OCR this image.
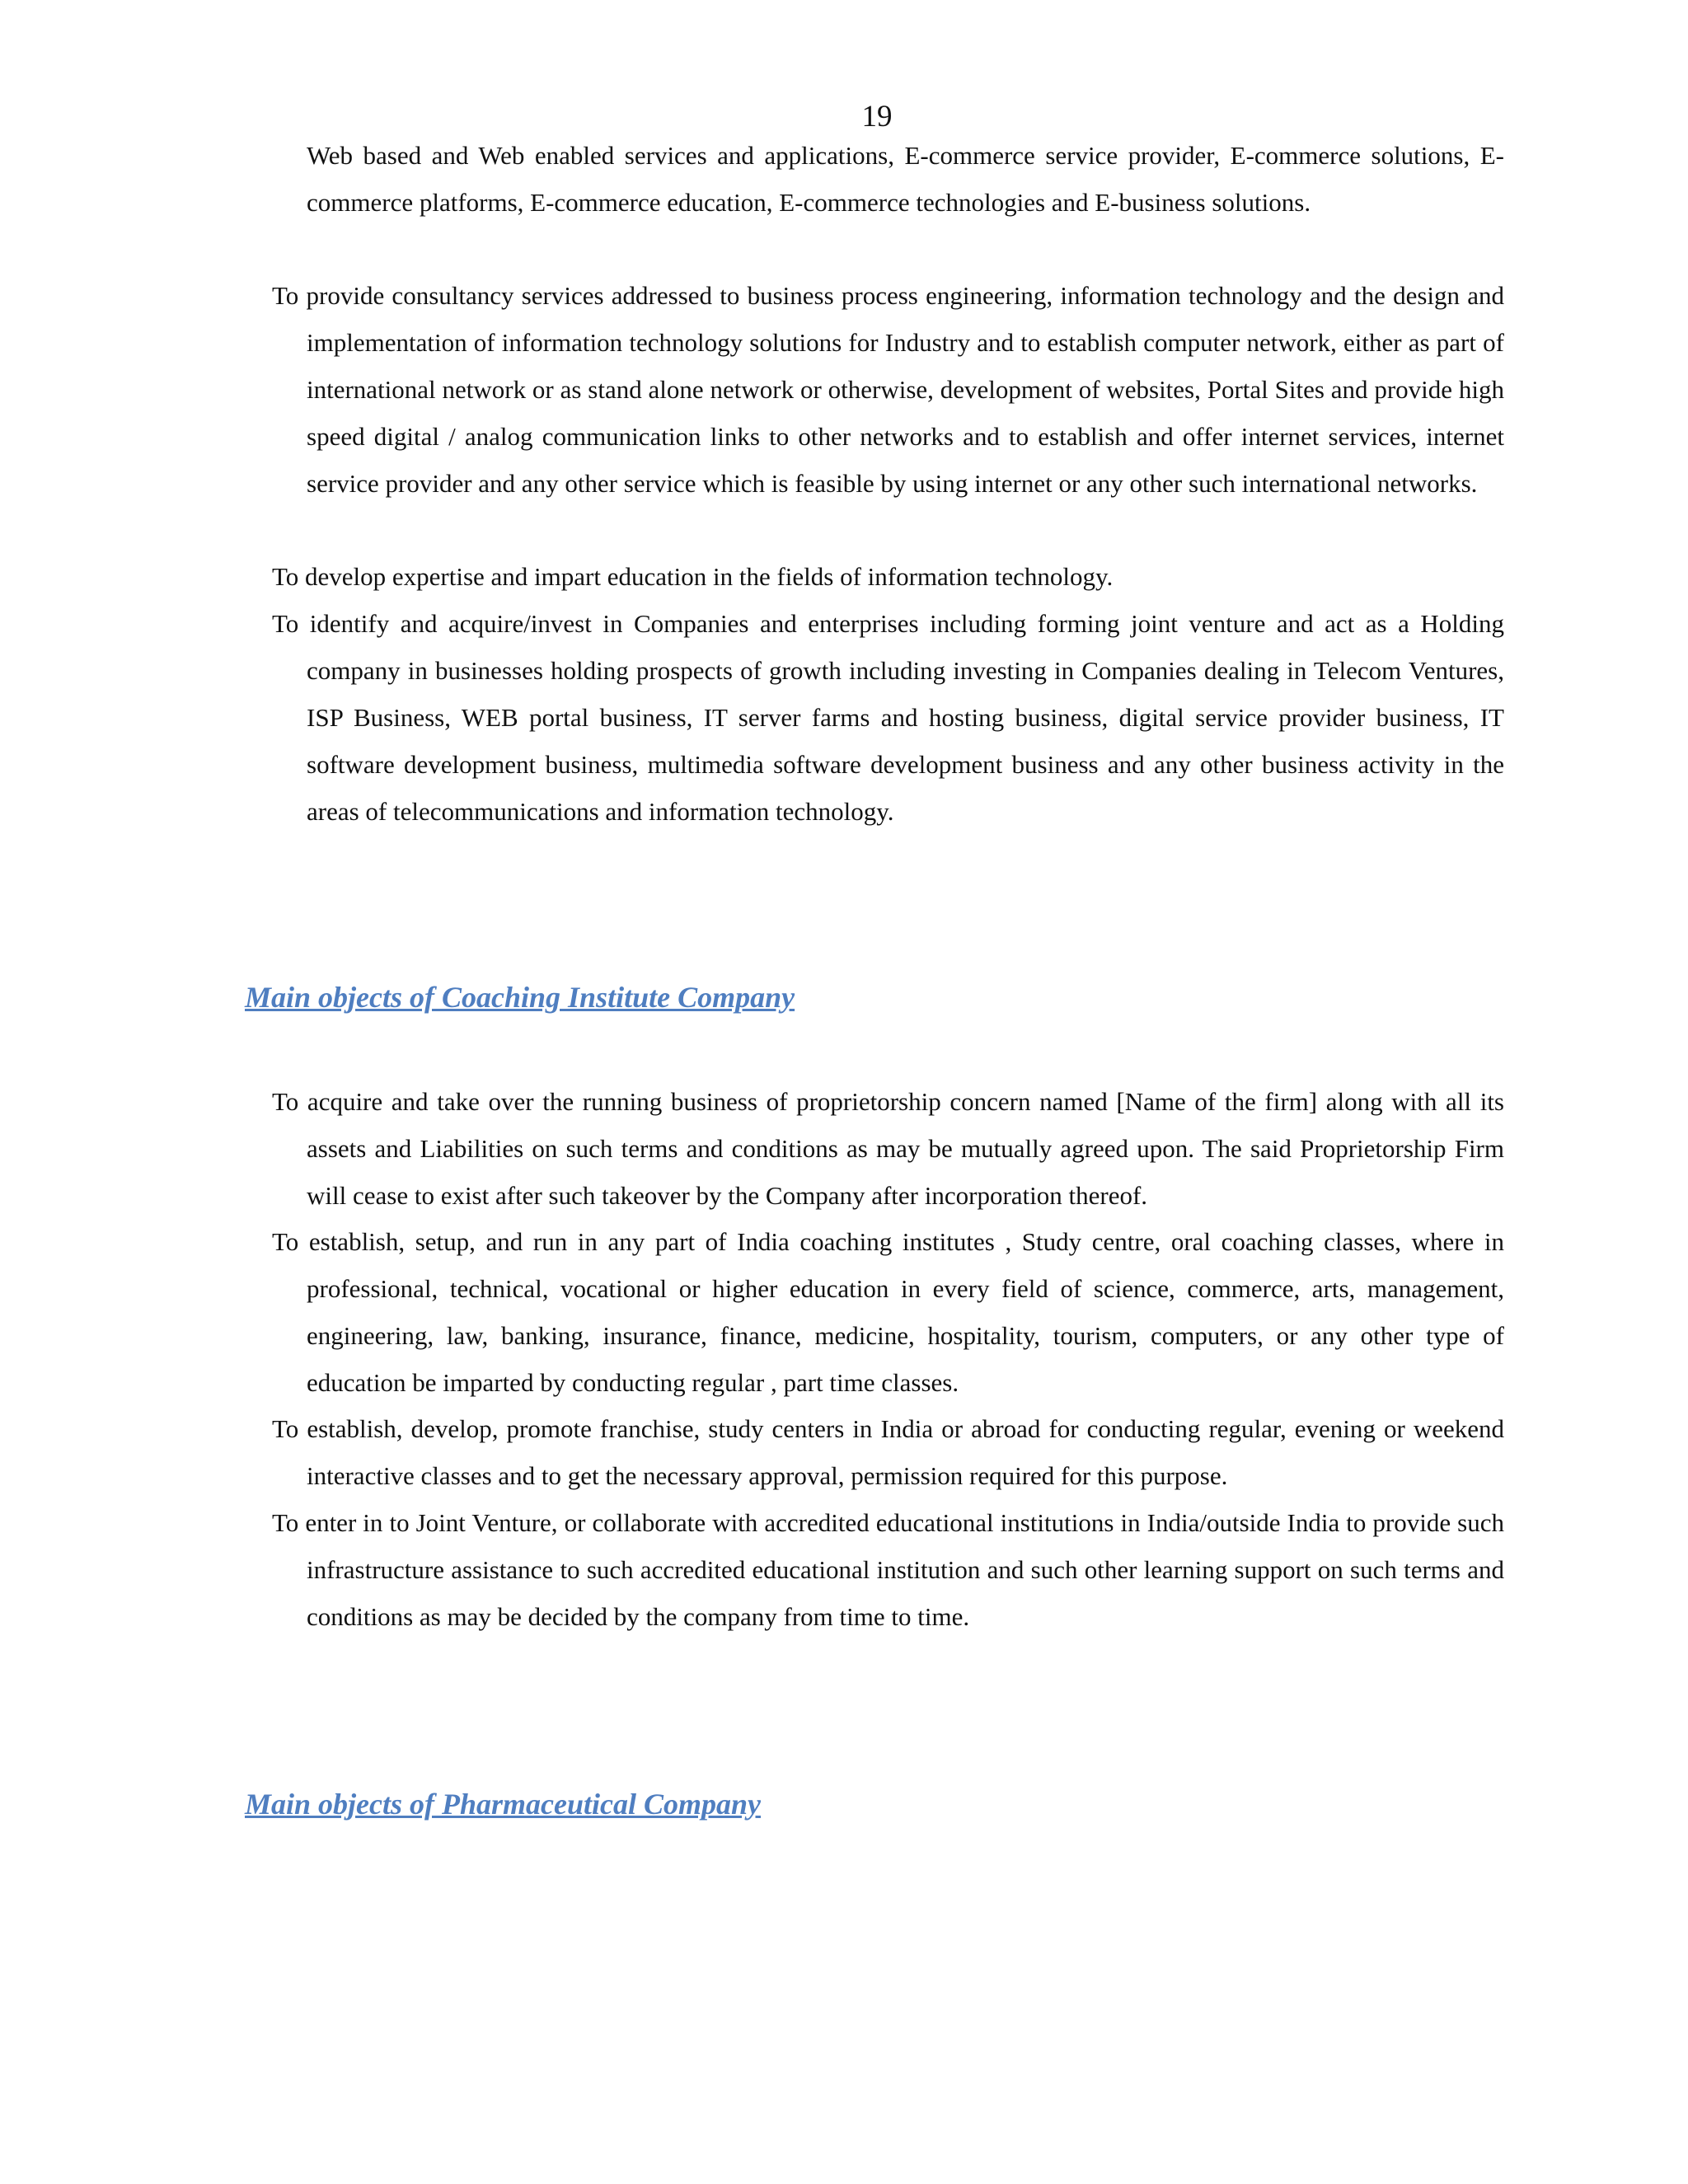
19
Web based and Web enabled services and applications, E-commerce service provider, E-commerce solutions, E-commerce platforms, E-commerce education, E-commerce technologies and E-business solutions.
To provide consultancy services addressed to business process engineering, information technology and the design and implementation of information technology solutions for Industry and to establish computer network, either as part of international network or as stand alone network or otherwise, development of websites, Portal Sites and provide high speed digital / analog communication links to other networks and to establish and offer internet services, internet service provider and any other service which is feasible by using internet or any other such international networks.
To develop expertise and impart education in the fields of information technology.
To identify and acquire/invest in Companies and enterprises including forming joint venture and act as a Holding company in businesses holding prospects of growth including investing in Companies dealing in Telecom Ventures, ISP Business, WEB portal business, IT server farms and hosting business, digital service provider business, IT software development business, multimedia software development business and any other business activity in the areas of telecommunications and information technology.
Main objects of Coaching Institute Company
To acquire and take over the running business of proprietorship concern named [Name of the firm] along with all its assets and Liabilities on such terms and conditions as may be mutually agreed upon. The said Proprietorship Firm will cease to exist after such takeover by the Company after incorporation thereof.
To establish, setup, and run in any part of India coaching institutes , Study centre, oral coaching classes, where in professional, technical, vocational or higher education in every field of science, commerce, arts, management, engineering, law, banking, insurance, finance, medicine, hospitality, tourism, computers, or any other type of education be imparted by conducting regular , part time classes.
To establish, develop, promote franchise, study centers in India or abroad for conducting regular, evening or weekend interactive classes and to get the necessary approval, permission required for this purpose.
To enter in to Joint Venture, or collaborate with accredited educational institutions in India/outside India to provide such infrastructure assistance to such accredited educational institution and such other learning support on such terms and conditions as may be decided by the company from time to time.
Main objects of Pharmaceutical Company
